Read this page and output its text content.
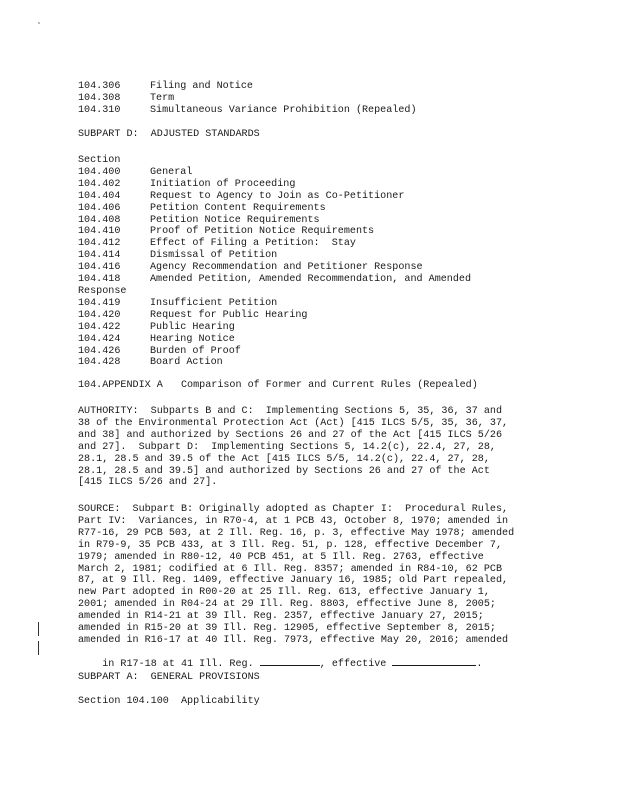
104.306	Filing and Notice
104.308	Term
104.310	Simultaneous Variance Prohibition (Repealed)
SUBPART D:  ADJUSTED STANDARDS
Section
104.400	General
104.402	Initiation of Proceeding
104.404	Request to Agency to Join as Co-Petitioner
104.406	Petition Content Requirements
104.408	Petition Notice Requirements
104.410	Proof of Petition Notice Requirements
104.412	Effect of Filing a Petition:  Stay
104.414	Dismissal of Petition
104.416	Agency Recommendation and Petitioner Response
104.418	Amended Petition, Amended Recommendation, and Amended
Response
104.419	Insufficient Petition
104.420	Request for Public Hearing
104.422	Public Hearing
104.424	Hearing Notice
104.426	Burden of Proof
104.428	Board Action
104.APPENDIX A   Comparison of Former and Current Rules (Repealed)
AUTHORITY:  Subparts B and C:  Implementing Sections 5, 35, 36, 37 and
38 of the Environmental Protection Act (Act) [415 ILCS 5/5, 35, 36, 37,
and 38] and authorized by Sections 26 and 27 of the Act [415 ILCS 5/26
and 27].  Subpart D:  Implementing Sections 5, 14.2(c), 22.4, 27, 28,
28.1, 28.5 and 39.5 of the Act [415 ILCS 5/5, 14.2(c), 22.4, 27, 28,
28.1, 28.5 and 39.5] and authorized by Sections 26 and 27 of the Act
[415 ILCS 5/26 and 27].
SOURCE:  Subpart B: Originally adopted as Chapter I:  Procedural Rules,
Part IV:  Variances, in R70-4, at 1 PCB 43, October 8, 1970; amended in
R77-16, 29 PCB 503, at 2 Ill. Reg. 16, p. 3, effective May 1978; amended
in R79-9, 35 PCB 433, at 3 Ill. Reg. 51, p. 128, effective December 7,
1979; amended in R80-12, 40 PCB 451, at 5 Ill. Reg. 2763, effective
March 2, 1981; codified at 6 Ill. Reg. 8357; amended in R84-10, 62 PCB
87, at 9 Ill. Reg. 1409, effective January 16, 1985; old Part repealed,
new Part adopted in R00-20 at 25 Ill. Reg. 613, effective January 1,
2001; amended in R04-24 at 29 Ill. Reg. 8803, effective June 8, 2005;
amended in R14-21 at 39 Ill. Reg. 2357, effective January 27, 2015;
amended in R15-20 at 39 Ill. Reg. 12905, effective September 8, 2015;
amended in R16-17 at 40 Ill. Reg. 7973, effective May 20, 2016; amended

in R17-18 at 41 Ill. Reg.	, effective	.

SUBPART A:  GENERAL PROVISIONS
Section 104.100  Applicability
